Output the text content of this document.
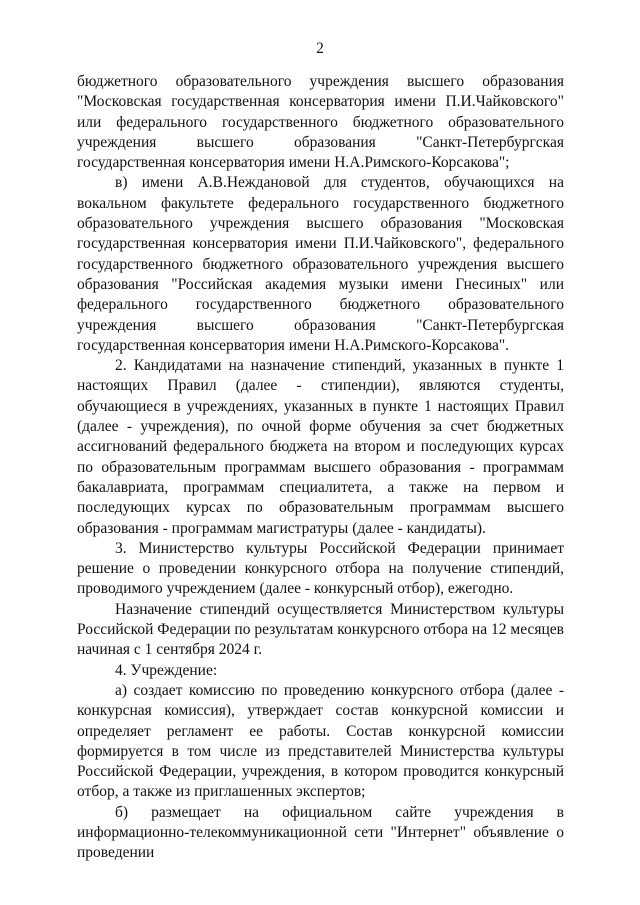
2

бюджетного образовательного учреждения высшего образования "Московская государственная консерватория имени П.И.Чайковского" или федерального государственного бюджетного образовательного учреждения высшего образования "Санкт-Петербургская государственная консерватория имени Н.А.Римского-Корсакова";

в) имени А.В.Неждановой для студентов, обучающихся на вокальном факультете федерального государственного бюджетного образовательного учреждения высшего образования "Московская государственная консерватория имени П.И.Чайковского", федерального государственного бюджетного образовательного учреждения высшего образования "Российская академия музыки имени Гнесиных" или федерального государственного бюджетного образовательного учреждения высшего образования "Санкт-Петербургская государственная консерватория имени Н.А.Римского-Корсакова".

2. Кандидатами на назначение стипендий, указанных в пункте 1 настоящих Правил (далее - стипендии), являются студенты, обучающиеся в учреждениях, указанных в пункте 1 настоящих Правил (далее - учреждения), по очной форме обучения за счет бюджетных ассигнований федерального бюджета на втором и последующих курсах по образовательным программам высшего образования - программам бакалавриата, программам специалитета, а также на первом и последующих курсах по образовательным программам высшего образования - программам магистратуры (далее - кандидаты).

3. Министерство культуры Российской Федерации принимает решение о проведении конкурсного отбора на получение стипендий, проводимого учреждением (далее - конкурсный отбор), ежегодно.

Назначение стипендий осуществляется Министерством культуры Российской Федерации по результатам конкурсного отбора на 12 месяцев начиная с 1 сентября 2024 г.

4. Учреждение:

а) создает комиссию по проведению конкурсного отбора (далее - конкурсная комиссия), утверждает состав конкурсной комиссии и определяет регламент ее работы. Состав конкурсной комиссии формируется в том числе из представителей Министерства культуры Российской Федерации, учреждения, в котором проводится конкурсный отбор, а также из приглашенных экспертов;

б) размещает на официальном сайте учреждения в информационно-телекоммуникационной сети "Интернет" объявление о проведении
